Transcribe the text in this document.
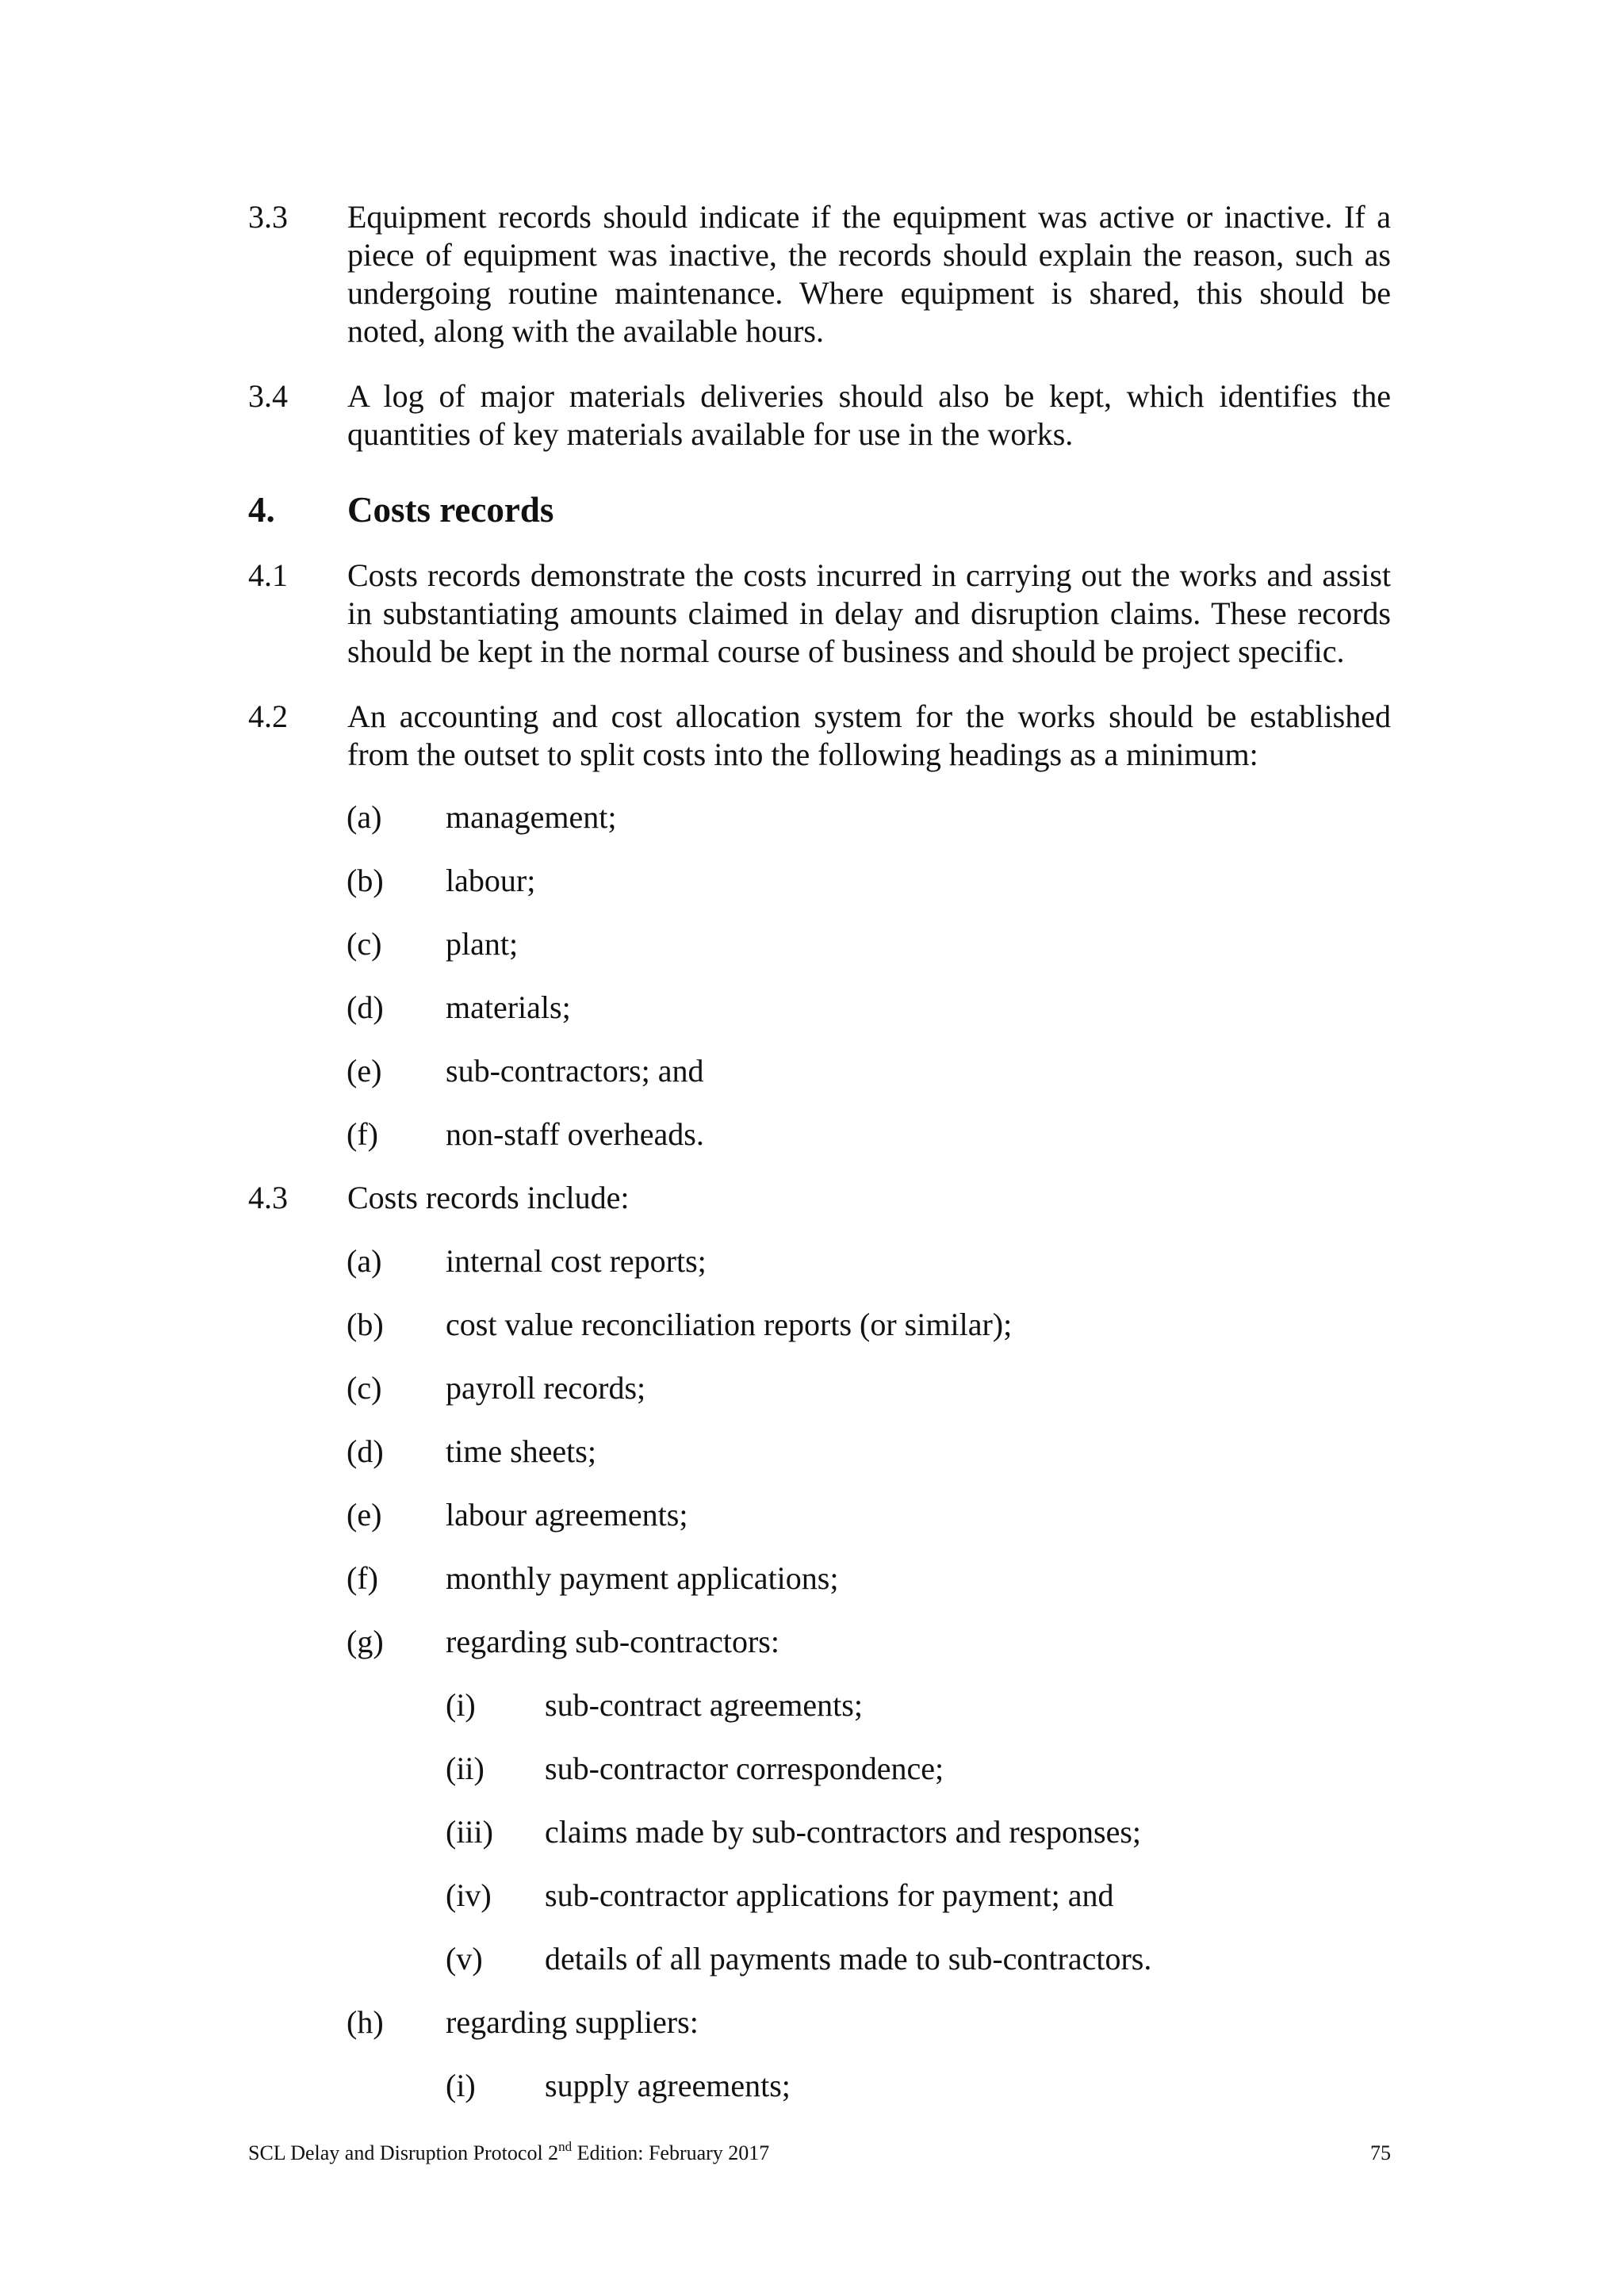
3.3 Equipment records should indicate if the equipment was active or inactive. If a piece of equipment was inactive, the records should explain the reason, such as undergoing routine maintenance. Where equipment is shared, this should be noted, along with the available hours.
3.4 A log of major materials deliveries should also be kept, which identifies the quantities of key materials available for use in the works.
4. Costs records
4.1 Costs records demonstrate the costs incurred in carrying out the works and assist in substantiating amounts claimed in delay and disruption claims. These records should be kept in the normal course of business and should be project specific.
4.2 An accounting and cost allocation system for the works should be established from the outset to split costs into the following headings as a minimum:
(a) management;
(b) labour;
(c) plant;
(d) materials;
(e) sub-contractors; and
(f) non-staff overheads.
4.3 Costs records include:
(a) internal cost reports;
(b) cost value reconciliation reports (or similar);
(c) payroll records;
(d) time sheets;
(e) labour agreements;
(f) monthly payment applications;
(g) regarding sub-contractors:
(i) sub-contract agreements;
(ii) sub-contractor correspondence;
(iii) claims made by sub-contractors and responses;
(iv) sub-contractor applications for payment; and
(v) details of all payments made to sub-contractors.
(h) regarding suppliers:
(i) supply agreements;
SCL Delay and Disruption Protocol 2nd Edition: February 2017	75
